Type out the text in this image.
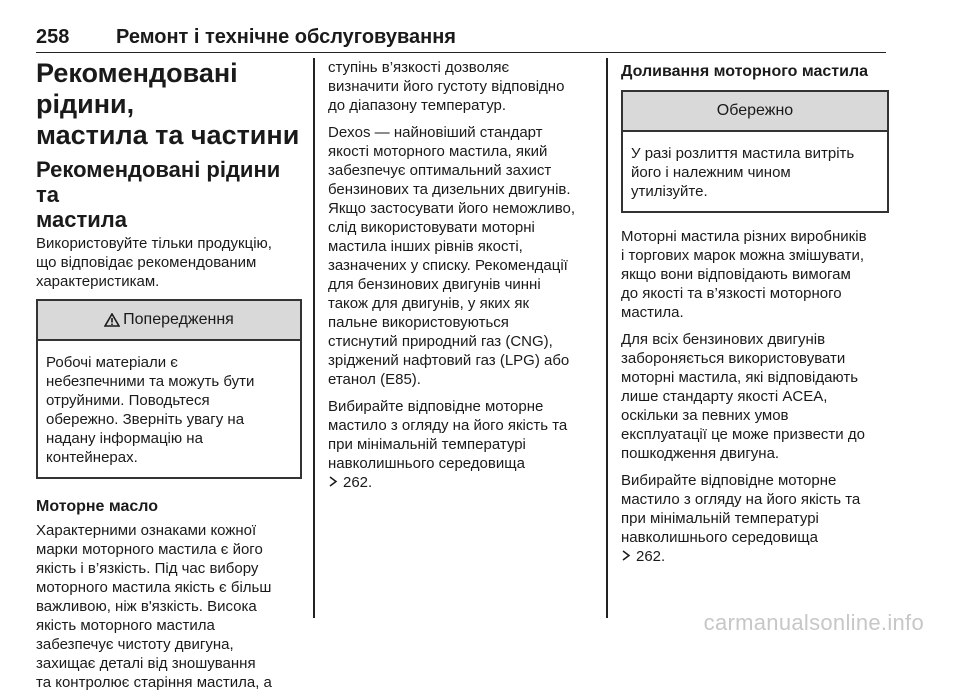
258 Ремонт і технічне обслуговування
Рекомендовані рідини,
мастила та частини
Рекомендовані рідини та
мастила
Використовуйте тільки продукцію,
що відповідає рекомендованим
характеристикам.
Попередження
Робочі матеріали є
небезпечними та можуть бути
отруйними. Поводьтеся
обережно. Зверніть увагу на
надану інформацію на
контейнерах.
Моторне масло
Характерними ознаками кожної
марки моторного мастила є його
якість і в’язкість. Під час вибору
моторного мастила якість є більш
важливою, ніж в'язкість. Висока
якість моторного мастила
забезпечує чистоту двигуна,
захищає деталі від зношування
та контролює старіння мастила, а
ступінь в’язкості дозволяє
визначити його густоту відповідно
до діапазону температур.
Dexos — найновіший стандарт
якості моторного мастила, який
забезпечує оптимальний захист
бензинових та дизельних двигунів.
Якщо застосувати його неможливо,
слід використовувати моторні
мастила інших рівнів якості,
зазначених у списку. Рекомендації
для бензинових двигунів чинні
також для двигунів, у яких як
пальне використовуються
стиснутий природний газ (CNG),
зріджений нафтовий газ (LPG) або
етанол (E85).
Вибирайте відповідне моторне
мастило з огляду на його якість та
при мінімальній температурі
навколишнього середовища
262.
Доливання моторного мастила
Обережно
У разі розлиття мастила витріть
його і належним чином
утилізуйте.
Моторні мастила різних виробників
і торгових марок можна змішувати,
якщо вони відповідають вимогам
до якості та в’язкості моторного
мастила.
Для всіх бензинових двигунів
забороняється використовувати
моторні мастила, які відповідають
лише стандарту якості ACEA,
оскільки за певних умов
експлуатації це може призвести до
пошкодження двигуна.
Вибирайте відповідне моторне
мастило з огляду на його якість та
при мінімальній температурі
навколишнього середовища
262.
carmanualsonline.info
